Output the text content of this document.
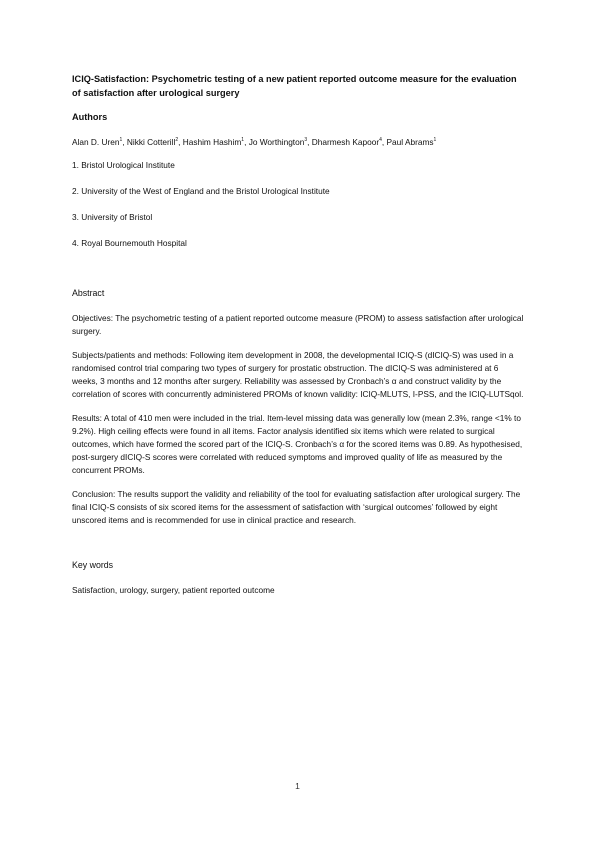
ICIQ-Satisfaction: Psychometric testing of a new patient reported outcome measure for the evaluation of satisfaction after urological surgery

Authors

Alan D. Uren$^1$, Nikki Cotterill$^2$, Hashim Hashim$^1$, Jo Worthington$^3$, Dharmesh Kapoor$^4$, Paul Abrams$^1$

1. Bristol Urological Institute

2. University of the West of England and the Bristol Urological Institute

3. University of Bristol

4. Royal Bournemouth Hospital

Abstract

Objectives: The psychometric testing of a patient reported outcome measure (PROM) to assess satisfaction after urological surgery.

Subjects/patients and methods: Following item development in 2008, the developmental ICIQ-S (dICIQ-S) was used in a randomised control trial comparing two types of surgery for prostatic obstruction. The dICIQ-S was administered at 6 weeks, 3 months and 12 months after surgery. Reliability was assessed by Cronbach’s α and construct validity by the correlation of scores with concurrently administered PROMs of known validity: ICIQ-MLUTS, I-PSS, and the ICIQ-LUTSqol.

Results: A total of 410 men were included in the trial. Item-level missing data was generally low (mean 2.3%, range <1% to 9.2%). High ceiling effects were found in all items. Factor analysis identified six items which were related to surgical outcomes, which have formed the scored part of the ICIQ-S. Cronbach’s α for the scored items was 0.89. As hypothesised, post-surgery dICIQ-S scores were correlated with reduced symptoms and improved quality of life as measured by the concurrent PROMs.

Conclusion: The results support the validity and reliability of the tool for evaluating satisfaction after urological surgery. The final ICIQ-S consists of six scored items for the assessment of satisfaction with ‘surgical outcomes’ followed by eight unscored items and is recommended for use in clinical practice and research.

Key words

Satisfaction, urology, surgery, patient reported outcome

1
